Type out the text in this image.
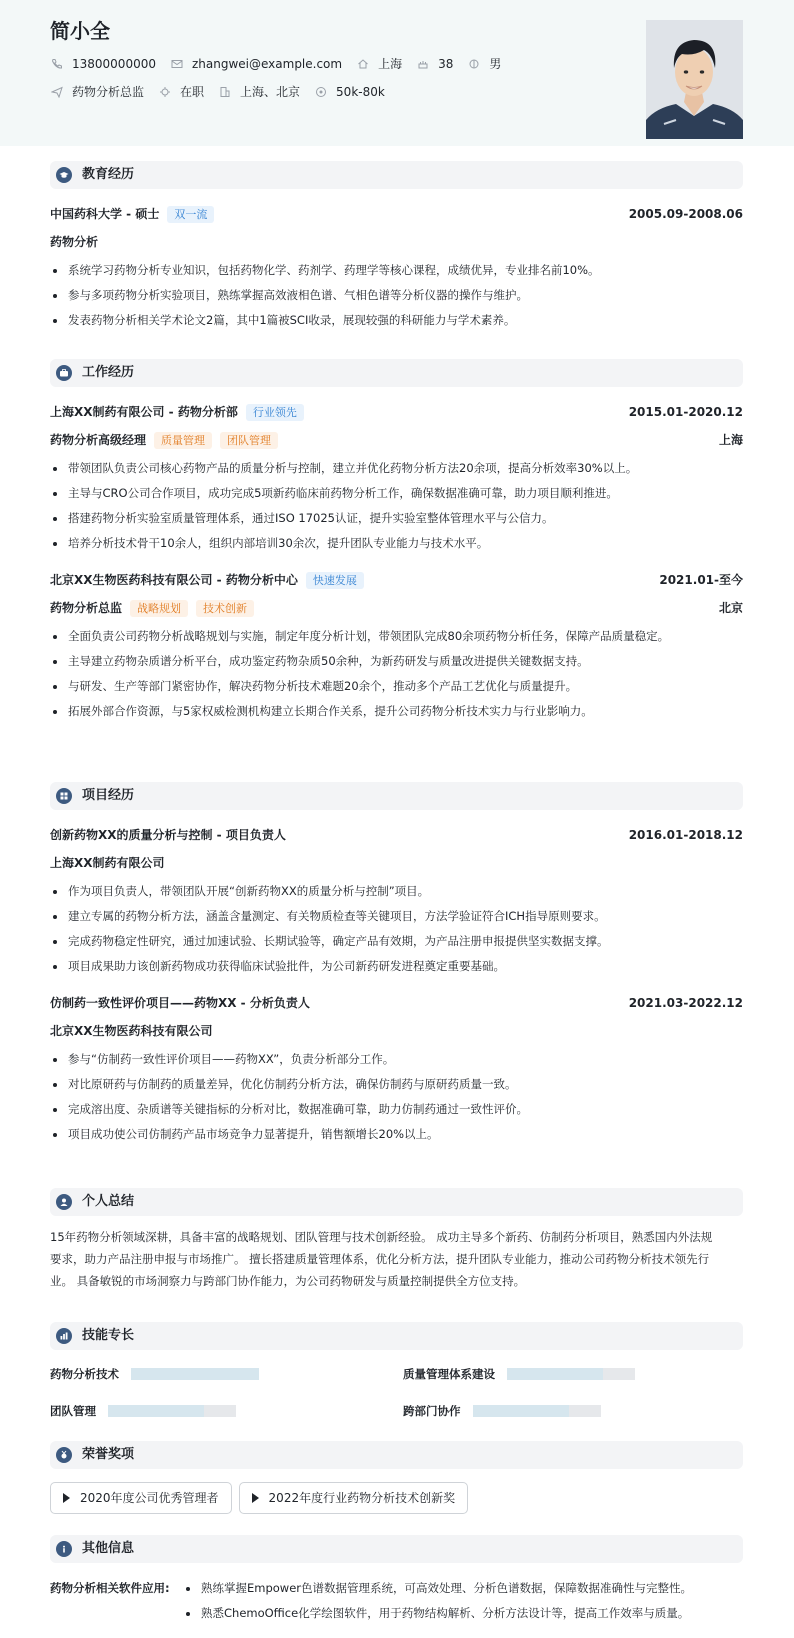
简小全
13800000000	zhangwei@example.com	上海	38	男
药物分析总监	在职	上海、北京	50k-80k
教育经历
中国药科大学 - 硕士 双一流	2005.09-2008.06
药物分析
系统学习药物分析专业知识，包括药物化学、药剂学、药理学等核心课程，成绩优异，专业排名前10%。
参与多项药物分析实验项目，熟练掌握高效液相色谱、气相色谱等分析仪器的操作与维护。
发表药物分析相关学术论文2篇，其中1篇被SCI收录，展现较强的科研能力与学术素养。
工作经历
上海XX制药有限公司 - 药物分析部 行业领先	2015.01-2020.12
药物分析高级经理 质量管理 团队管理	上海
带领团队负责公司核心药物产品的质量分析与控制，建立并优化药物分析方法20余项，提高分析效率30%以上。
主导与CRO公司合作项目，成功完成5项新药临床前药物分析工作，确保数据准确可靠，助力项目顺利推进。
搭建药物分析实验室质量管理体系，通过ISO 17025认证，提升实验室整体管理水平与公信力。
培养分析技术骨干10余人，组织内部培训30余次，提升团队专业能力与技术水平。
北京XX生物医药科技有限公司 - 药物分析中心 快速发展	2021.01-至今
药物分析总监 战略规划 技术创新	北京
全面负责公司药物分析战略规划与实施，制定年度分析计划，带领团队完成80余项药物分析任务，保障产品质量稳定。
主导建立药物杂质谱分析平台，成功鉴定药物杂质50余种，为新药研发与质量改进提供关键数据支持。
与研发、生产等部门紧密协作，解决药物分析技术难题20余个，推动多个产品工艺优化与质量提升。
拓展外部合作资源，与5家权威检测机构建立长期合作关系，提升公司药物分析技术实力与行业影响力。
项目经历
创新药物XX的质量分析与控制 - 项目负责人	2016.01-2018.12
上海XX制药有限公司
作为项目负责人，带领团队开展“创新药物XX的质量分析与控制”项目。
建立专属的药物分析方法，涵盖含量测定、有关物质检查等关键项目，方法学验证符合ICH指导原则要求。
完成药物稳定性研究，通过加速试验、长期试验等，确定产品有效期，为产品注册申报提供坚实数据支撑。
项目成果助力该创新药物成功获得临床试验批件，为公司新药研发进程奠定重要基础。
仿制药一致性评价项目——药物XX - 分析负责人	2021.03-2022.12
北京XX生物医药科技有限公司
参与“仿制药一致性评价项目——药物XX”，负责分析部分工作。
对比原研药与仿制药的质量差异，优化仿制药分析方法，确保仿制药与原研药质量一致。
完成溶出度、杂质谱等关键指标的分析对比，数据准确可靠，助力仿制药通过一致性评价。
项目成功使公司仿制药产品市场竞争力显著提升，销售额增长20%以上。
个人总结
15年药物分析领域深耕，具备丰富的战略规划、团队管理与技术创新经验。 成功主导多个新药、仿制药分析项目，熟悉国内外法规
要求，助力产品注册申报与市场推广。 擅长搭建质量管理体系，优化分析方法，提升团队专业能力，推动公司药物分析技术领先行
业。 具备敏锐的市场洞察力与跨部门协作能力，为公司药物研发与质量控制提供全方位支持。
技能专长
药物分析技术	质量管理体系建设
团队管理	跨部门协作
荣誉奖项
2020年度公司优秀管理者	2022年度行业药物分析技术创新奖
其他信息
药物分析相关软件应用:	熟练掌握Empower色谱数据管理系统，可高效处理、分析色谱数据，保障数据准确性与完整性。
熟悉ChemoOffice化学绘图软件，用于药物结构解析、分析方法设计等，提高工作效率与质量。
